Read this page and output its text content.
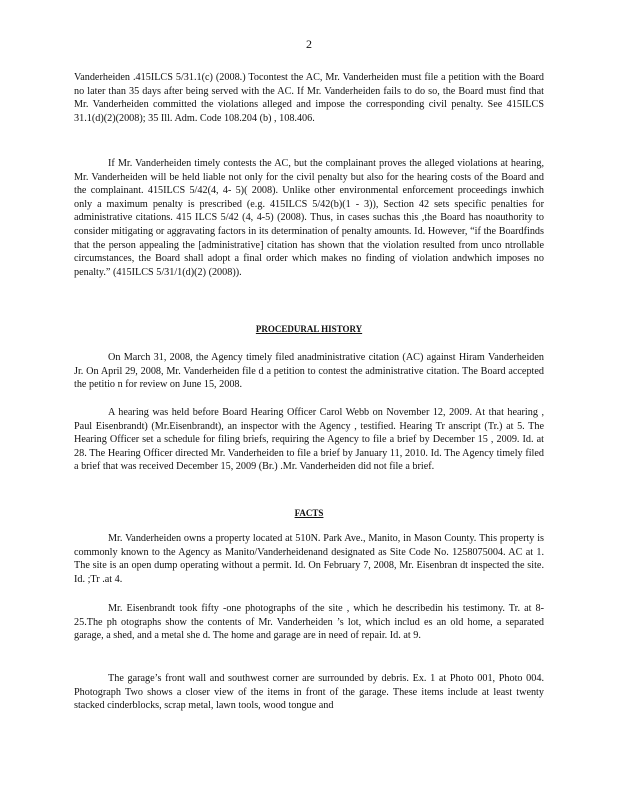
2

Vanderheiden .415ILCS 5/31.1(c) (2008.) Tocontest the AC, Mr. Vanderheiden must file a petition with the Board no later than 35 days after being served with the AC. If Mr. Vanderheiden fails to do so, the Board must find that Mr. Vanderheiden committed the violations alleged and impose the corresponding civil penalty. See 415ILCS 31.1(d)(2)(2008); 35 Ill. Adm. Code 108.204 (b) , 108.406.

If Mr. Vanderheiden timely contests the AC, but the complainant proves the alleged violations at hearing, Mr. Vanderheiden will be held liable not only for the civil penalty but also for the hearing costs of the Board and the complainant. 415ILCS 5/42(4, 4- 5)( 2008). Unlike other environmental enforcement proceedings inwhich only a maximum penalty is prescribed (e.g. 415ILCS 5/42(b)(1 - 3)), Section 42 sets specific penalties for administrative citations. 415 ILCS 5/42 (4, 4-5) (2008). Thus, in cases suchas this ,the Board has noauthority to consider mitigating or aggravating factors in its determination of penalty amounts. Id. However, “if the Boardfinds that the person appealing the [administrative] citation has shown that the violation resulted from unco ntrollable circumstances, the Board shall adopt a final order which makes no finding of violation andwhich imposes no penalty.” (415ILCS 5/31/1(d)(2) (2008)).

PROCEDURAL HISTORY

On March 31, 2008, the Agency timely filed anadministrative citation (AC) against Hiram Vanderheiden Jr. On April 29, 2008, Mr. Vanderheiden file d a petition to contest the administrative citation. The Board accepted the petitio n for review on June 15, 2008.

A hearing was held before Board Hearing Officer Carol Webb on November 12, 2009. At that hearing , Paul Eisenbrandt) (Mr.Eisenbrandt), an inspector with the Agency , testified. Hearing Tr anscript (Tr.) at 5. The Hearing Officer set a schedule for filing briefs, requiring the Agency to file a brief by December 15 , 2009. Id. at 28. The Hearing Officer directed Mr. Vanderheiden to file a brief by January 11, 2010. Id. The Agency timely filed a brief that was received December 15, 2009 (Br.) .Mr. Vanderheiden did not file a brief.

FACTS

Mr. Vanderheiden owns a property located at 510N. Park Ave., Manito, in Mason County. This property is commonly known to the Agency as Manito/Vanderheidenand designated as Site Code No. 1258075004. AC at 1. The site is an open dump operating without a permit. Id. On February 7, 2008, Mr. Eisenbran dt inspected the site. Id. ;Tr .at 4.

Mr. Eisenbrandt took fifty -one photographs of the site , which he describedin his testimony. Tr. at 8- 25.The ph otographs show the contents of Mr. Vanderheiden ’s lot, which includ es an old home, a separated garage, a shed, and a metal she d. The home and garage are in need of repair. Id. at 9.

The garage’s front wall and southwest corner are surrounded by debris. Ex. 1 at Photo 001, Photo 004. Photograph Two shows a closer view of the items in front of the garage. These items include at least twenty stacked cinderblocks, scrap metal, lawn tools, wood tongue and
